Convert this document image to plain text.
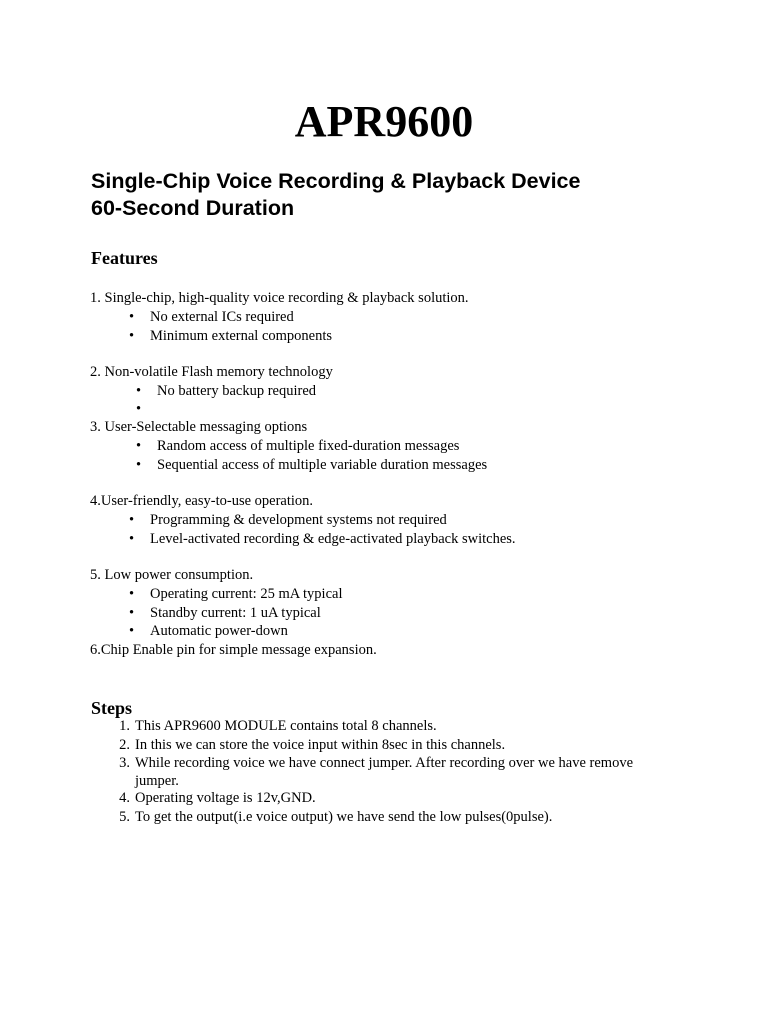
APR9600
Single-Chip Voice Recording & Playback Device
60-Second Duration
Features

1. Single-chip, high-quality voice recording & playback solution.

• No external ICs required

• Minimum external components

2. Non-volatile Flash memory technology

• No battery backup required

•

3. User-Selectable messaging options

• Random access of multiple fixed-duration messages

• Sequential access of multiple variable duration messages

4.User-friendly, easy-to-use operation.

• Programming & development systems not required

• Level-activated recording & edge-activated playback switches.

5. Low power consumption.

• Operating current: 25 mA typical

• Standby current: 1 uA typical

• Automatic power-down

6.Chip Enable pin for simple message expansion.

Steps
1. This APR9600 MODULE contains total 8 channels.
2. In this we can store the voice input within 8sec in this channels.
3. While recording voice we have connect jumper. After recording over we have remove jumper.
4. Operating voltage is 12v,GND.
5. To get the output(i.e voice output) we have send the low pulses(0pulse).
